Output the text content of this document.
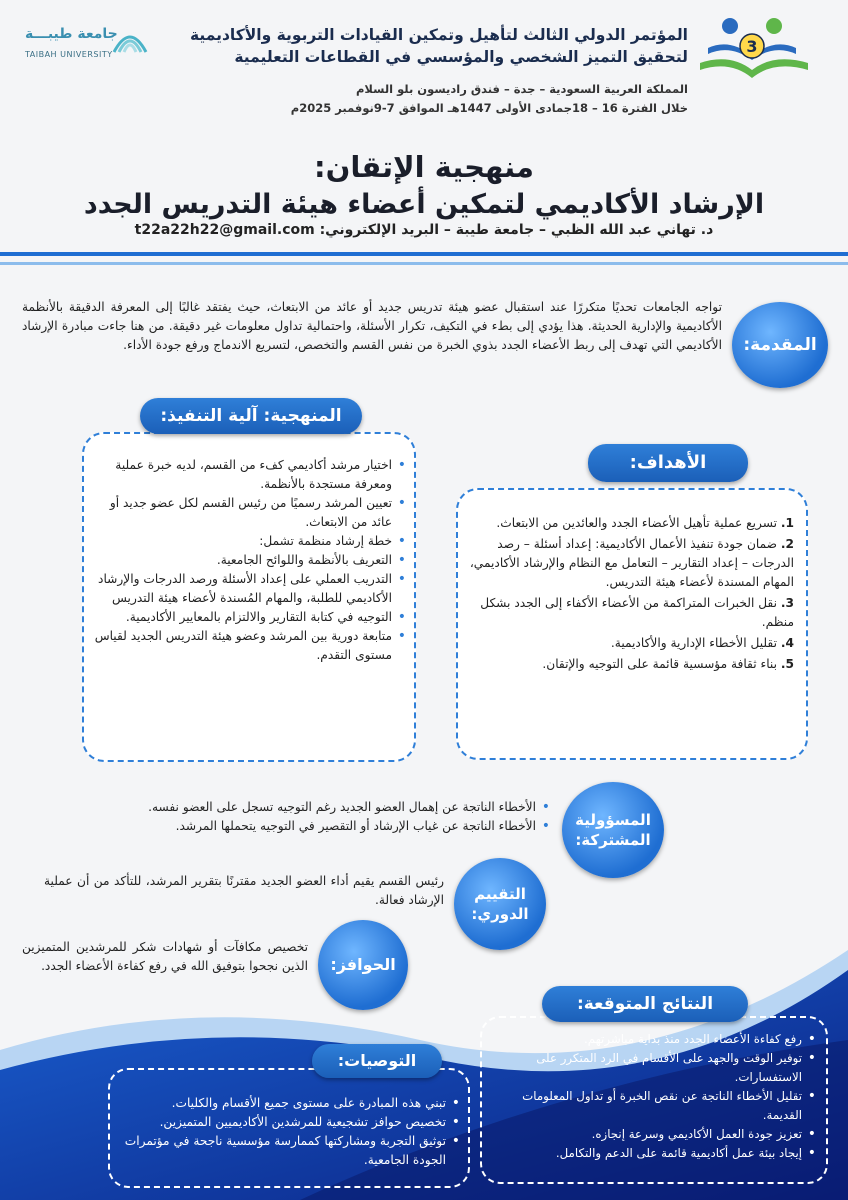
3
المؤتمر الدولي الثالث لتأهيل وتمكين القيادات التربوية والأكاديمية
لتحقيق التميز الشخصي والمؤسسي في القطاعات التعليمية
المملكة العربية السعودية – جدة – فندق راديسون بلو السلام
خلال الفترة 16 – 18جمادى الأولى 1447هـ الموافق 7-9نوفمبر 2025م
جامعة طيبـــة
TAIBAH UNIVERSITY
منهجية الإتقان:
الإرشاد الأكاديمي لتمكين أعضاء هيئة التدريس الجدد
د. تهاني عبد الله الظبي – جامعة طيبة – البريد الإلكتروني: t22a22h22@gmail.com
المقدمة:
تواجه الجامعات تحديًا متكررًا عند استقبال عضو هيئة تدريس جديد أو عائد من الابتعاث، حيث يفتقد غالبًا إلى المعرفة الدقيقة بالأنظمة الأكاديمية والإدارية الحديثة. هذا يؤدي إلى بطء في التكيف، تكرار الأسئلة، واحتمالية تداول معلومات غير دقيقة. من هنا جاءت مبادرة الإرشاد الأكاديمي التي تهدف إلى ربط الأعضاء الجدد بذوي الخبرة من نفس القسم والتخصص، لتسريع الاندماج ورفع جودة الأداء.
المنهجية: آلية التنفيذ:
• اختيار مرشد أكاديمي كفء من القسم، لديه خبرة عملية ومعرفة مستجدة بالأنظمة.
• تعيين المرشد رسميًا من رئيس القسم لكل عضو جديد أو عائد من الابتعاث.
• خطة إرشاد منظمة تشمل:
• التعريف بالأنظمة واللوائح الجامعية.
• التدريب العملي على إعداد الأسئلة ورصد الدرجات والإرشاد الأكاديمي للطلبة، والمهام المُسندة لأعضاء هيئة التدريس
• التوجيه في كتابة التقارير والالتزام بالمعايير الأكاديمية.
• متابعة دورية بين المرشد وعضو هيئة التدريس الجديد لقياس مستوى التقدم.
الأهداف:
1. تسريع عملية تأهيل الأعضاء الجدد والعائدين من الابتعاث.
2. ضمان جودة تنفيذ الأعمال الأكاديمية: إعداد أسئلة – رصد الدرجات – إعداد التقارير – التعامل مع النظام والإرشاد الأكاديمي، المهام المسندة لأعضاء هيئة التدريس.
3. نقل الخبرات المتراكمة من الأعضاء الأكفاء إلى الجدد بشكل منظم.
4. تقليل الأخطاء الإدارية والأكاديمية.
5. بناء ثقافة مؤسسية قائمة على التوجيه والإتقان.
المسؤولية
المشتركة:
• الأخطاء الناتجة عن إهمال العضو الجديد رغم التوجيه تسجل على العضو نفسه.
• الأخطاء الناتجة عن غياب الإرشاد أو التقصير في التوجيه يتحملها المرشد.
التقييم
الدوري:
رئيس القسم يقيم أداء العضو الجديد مقترنًا بتقرير المرشد، للتأكد من أن عملية الإرشاد فعالة.
الحوافز:
تخصيص مكافآت أو شهادات شكر للمرشدين المتميزين الذين نجحوا بتوفيق الله في رفع كفاءة الأعضاء الجدد.
النتائج المتوقعة:
• رفع كفاءة الأعضاء الجدد منذ بداية مباشرتهم.
• توفير الوقت والجهد على الأقسام في الرد المتكرر على الاستفسارات.
• تقليل الأخطاء الناتجة عن نقص الخبرة أو تداول المعلومات القديمة.
• تعزيز جودة العمل الأكاديمي وسرعة إنجازه.
• إيجاد بيئة عمل أكاديمية قائمة على الدعم والتكامل.
التوصيات:
• تبني هذه المبادرة على مستوى جميع الأقسام والكليات.
• تخصيص حوافز تشجيعية للمرشدين الأكاديميين المتميزين.
• توثيق التجربة ومشاركتها كممارسة مؤسسية ناجحة في مؤتمرات الجودة الجامعية.
